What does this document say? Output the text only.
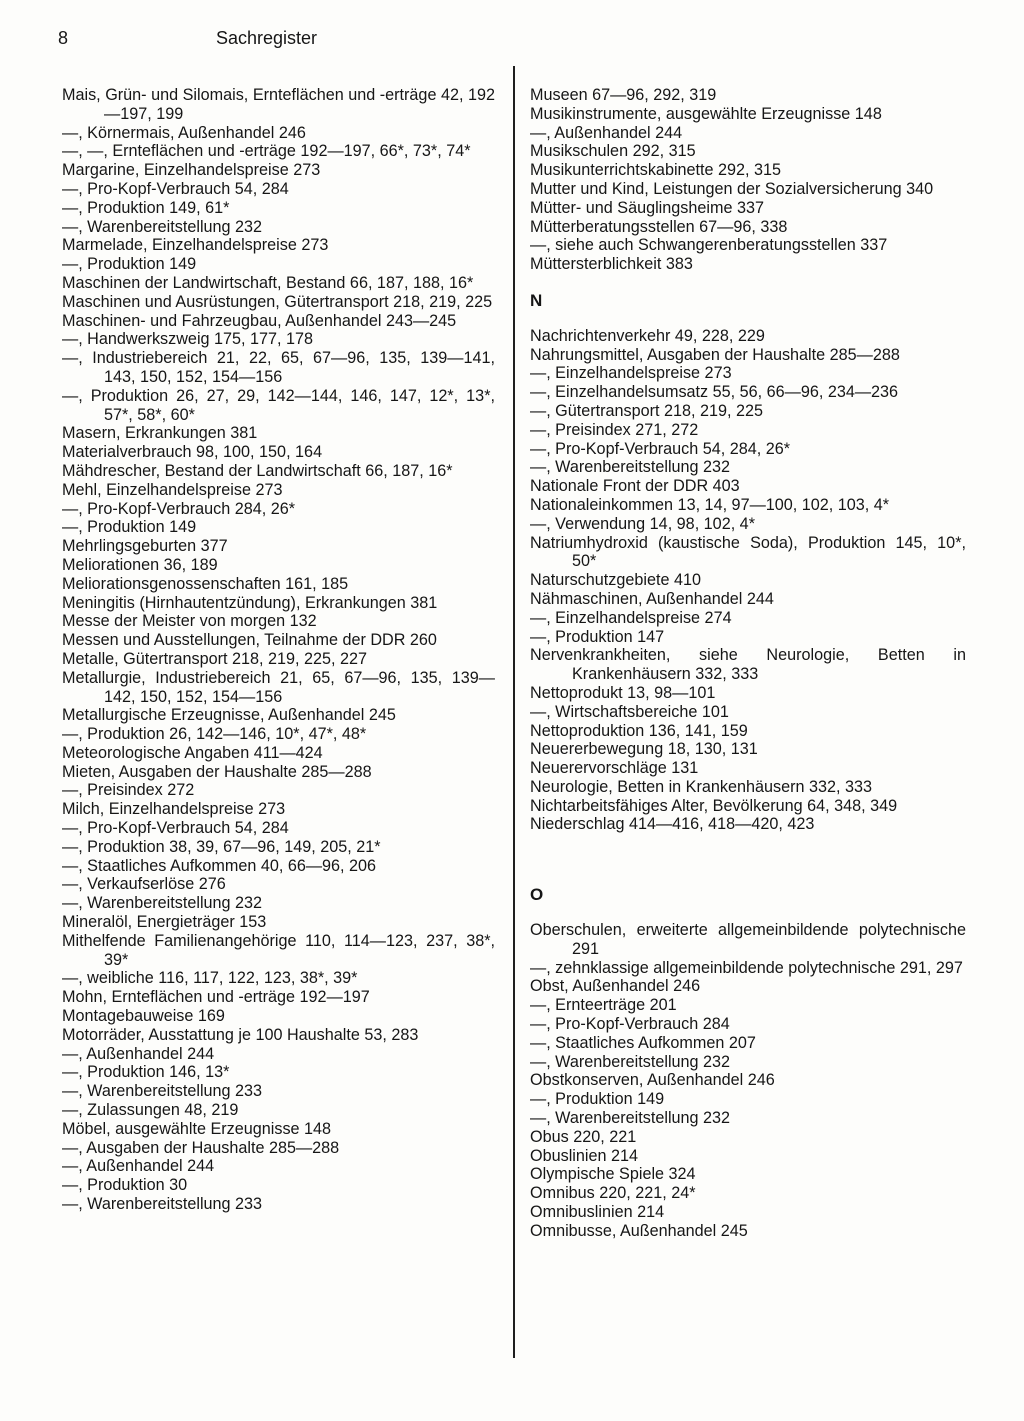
8	Sachregister

Mais, Grün- und Silomais, Ernteflächen und -erträge 42, 192—197, 199

—, Körnermais, Außenhandel 246

—, —, Ernteflächen und -erträge 192—197, 66*, 73*, 74*

Margarine, Einzelhandelspreise 273

—, Pro-Kopf-Verbrauch 54, 284

—, Produktion 149, 61*

—, Warenbereitstellung 232

Marmelade, Einzelhandelspreise 273

—, Produktion 149

Maschinen der Landwirtschaft, Bestand 66, 187, 188, 16*

Maschinen und Ausrüstungen, Gütertransport 218, 219, 225

Maschinen- und Fahrzeugbau, Außenhandel 243—245

—, Handwerkszweig 175, 177, 178

—, Industriebereich 21, 22, 65, 67—96, 135, 139—141, 143, 150, 152, 154—156

—, Produktion 26, 27, 29, 142—144, 146, 147, 12*, 13*, 57*, 58*, 60*

Masern, Erkrankungen 381

Materialverbrauch 98, 100, 150, 164

Mähdrescher, Bestand der Landwirtschaft 66, 187, 16*

Mehl, Einzelhandelspreise 273

—, Pro-Kopf-Verbrauch 284, 26*

—, Produktion 149

Mehrlingsgeburten 377

Meliorationen 36, 189

Meliorationsgenossenschaften 161, 185

Meningitis (Hirnhautentzündung), Erkrankungen 381

Messe der Meister von morgen 132

Messen und Ausstellungen, Teilnahme der DDR 260

Metalle, Gütertransport 218, 219, 225, 227

Metallurgie, Industriebereich 21, 65, 67—96, 135, 139—142, 150, 152, 154—156

Metallurgische Erzeugnisse, Außenhandel 245

—, Produktion 26, 142—146, 10*, 47*, 48*

Meteorologische Angaben 411—424

Mieten, Ausgaben der Haushalte 285—288

—, Preisindex 272

Milch, Einzelhandelspreise 273

—, Pro-Kopf-Verbrauch 54, 284

—, Produktion 38, 39, 67—96, 149, 205, 21*

—, Staatliches Aufkommen 40, 66—96, 206

—, Verkaufserlöse 276

—, Warenbereitstellung 232

Mineralöl, Energieträger 153

Mithelfende Familienangehörige 110, 114—123, 237, 38*, 39*

—, weibliche 116, 117, 122, 123, 38*, 39*

Mohn, Ernteflächen und -erträge 192—197

Montagebauweise 169

Motorräder, Ausstattung je 100 Haushalte 53, 283

—, Außenhandel 244

—, Produktion 146, 13*

—, Warenbereitstellung 233

—, Zulassungen 48, 219

Möbel, ausgewählte Erzeugnisse 148

—, Ausgaben der Haushalte 285—288

—, Außenhandel 244

—, Produktion 30

—, Warenbereitstellung 233

Museen 67—96, 292, 319

Musikinstrumente, ausgewählte Erzeugnisse 148

—, Außenhandel 244

Musikschulen 292, 315

Musikunterrichtskabinette 292, 315

Mutter und Kind, Leistungen der Sozialversicherung 340

Mütter- und Säuglingsheime 337

Mütterberatungsstellen 67—96, 338

—, siehe auch Schwangerenberatungsstellen 337

Müttersterblichkeit 383

N

Nachrichtenverkehr 49, 228, 229

Nahrungsmittel, Ausgaben der Haushalte 285—288

—, Einzelhandelspreise 273

—, Einzelhandelsumsatz 55, 56, 66—96, 234—236

—, Gütertransport 218, 219, 225

—, Preisindex 271, 272

—, Pro-Kopf-Verbrauch 54, 284, 26*

—, Warenbereitstellung 232

Nationale Front der DDR 403

Nationaleinkommen 13, 14, 97—100, 102, 103, 4*

—, Verwendung 14, 98, 102, 4*

Natriumhydroxid (kaustische Soda), Produktion 145, 10*, 50*

Naturschutzgebiete 410

Nähmaschinen, Außenhandel 244

—, Einzelhandelspreise 274

—, Produktion 147

Nervenkrankheiten, siehe Neurologie, Betten in Krankenhäusern 332, 333

Nettoprodukt 13, 98—101

—, Wirtschaftsbereiche 101

Nettoproduktion 136, 141, 159

Neuererbewegung 18, 130, 131

Neuerervorschläge 131

Neurologie, Betten in Krankenhäusern 332, 333

Nichtarbeitsfähiges Alter, Bevölkerung 64, 348, 349

Niederschlag 414—416, 418—420, 423

O

Oberschulen, erweiterte allgemeinbildende polytechnische 291

—, zehnklassige allgemeinbildende polytechnische 291, 297

Obst, Außenhandel 246

—, Ernteerträge 201

—, Pro-Kopf-Verbrauch 284

—, Staatliches Aufkommen 207

—, Warenbereitstellung 232

Obstkonserven, Außenhandel 246

—, Produktion 149

—, Warenbereitstellung 232

Obus 220, 221

Obuslinien 214

Olympische Spiele 324

Omnibus 220, 221, 24*

Omnibuslinien 214

Omnibusse, Außenhandel 245
